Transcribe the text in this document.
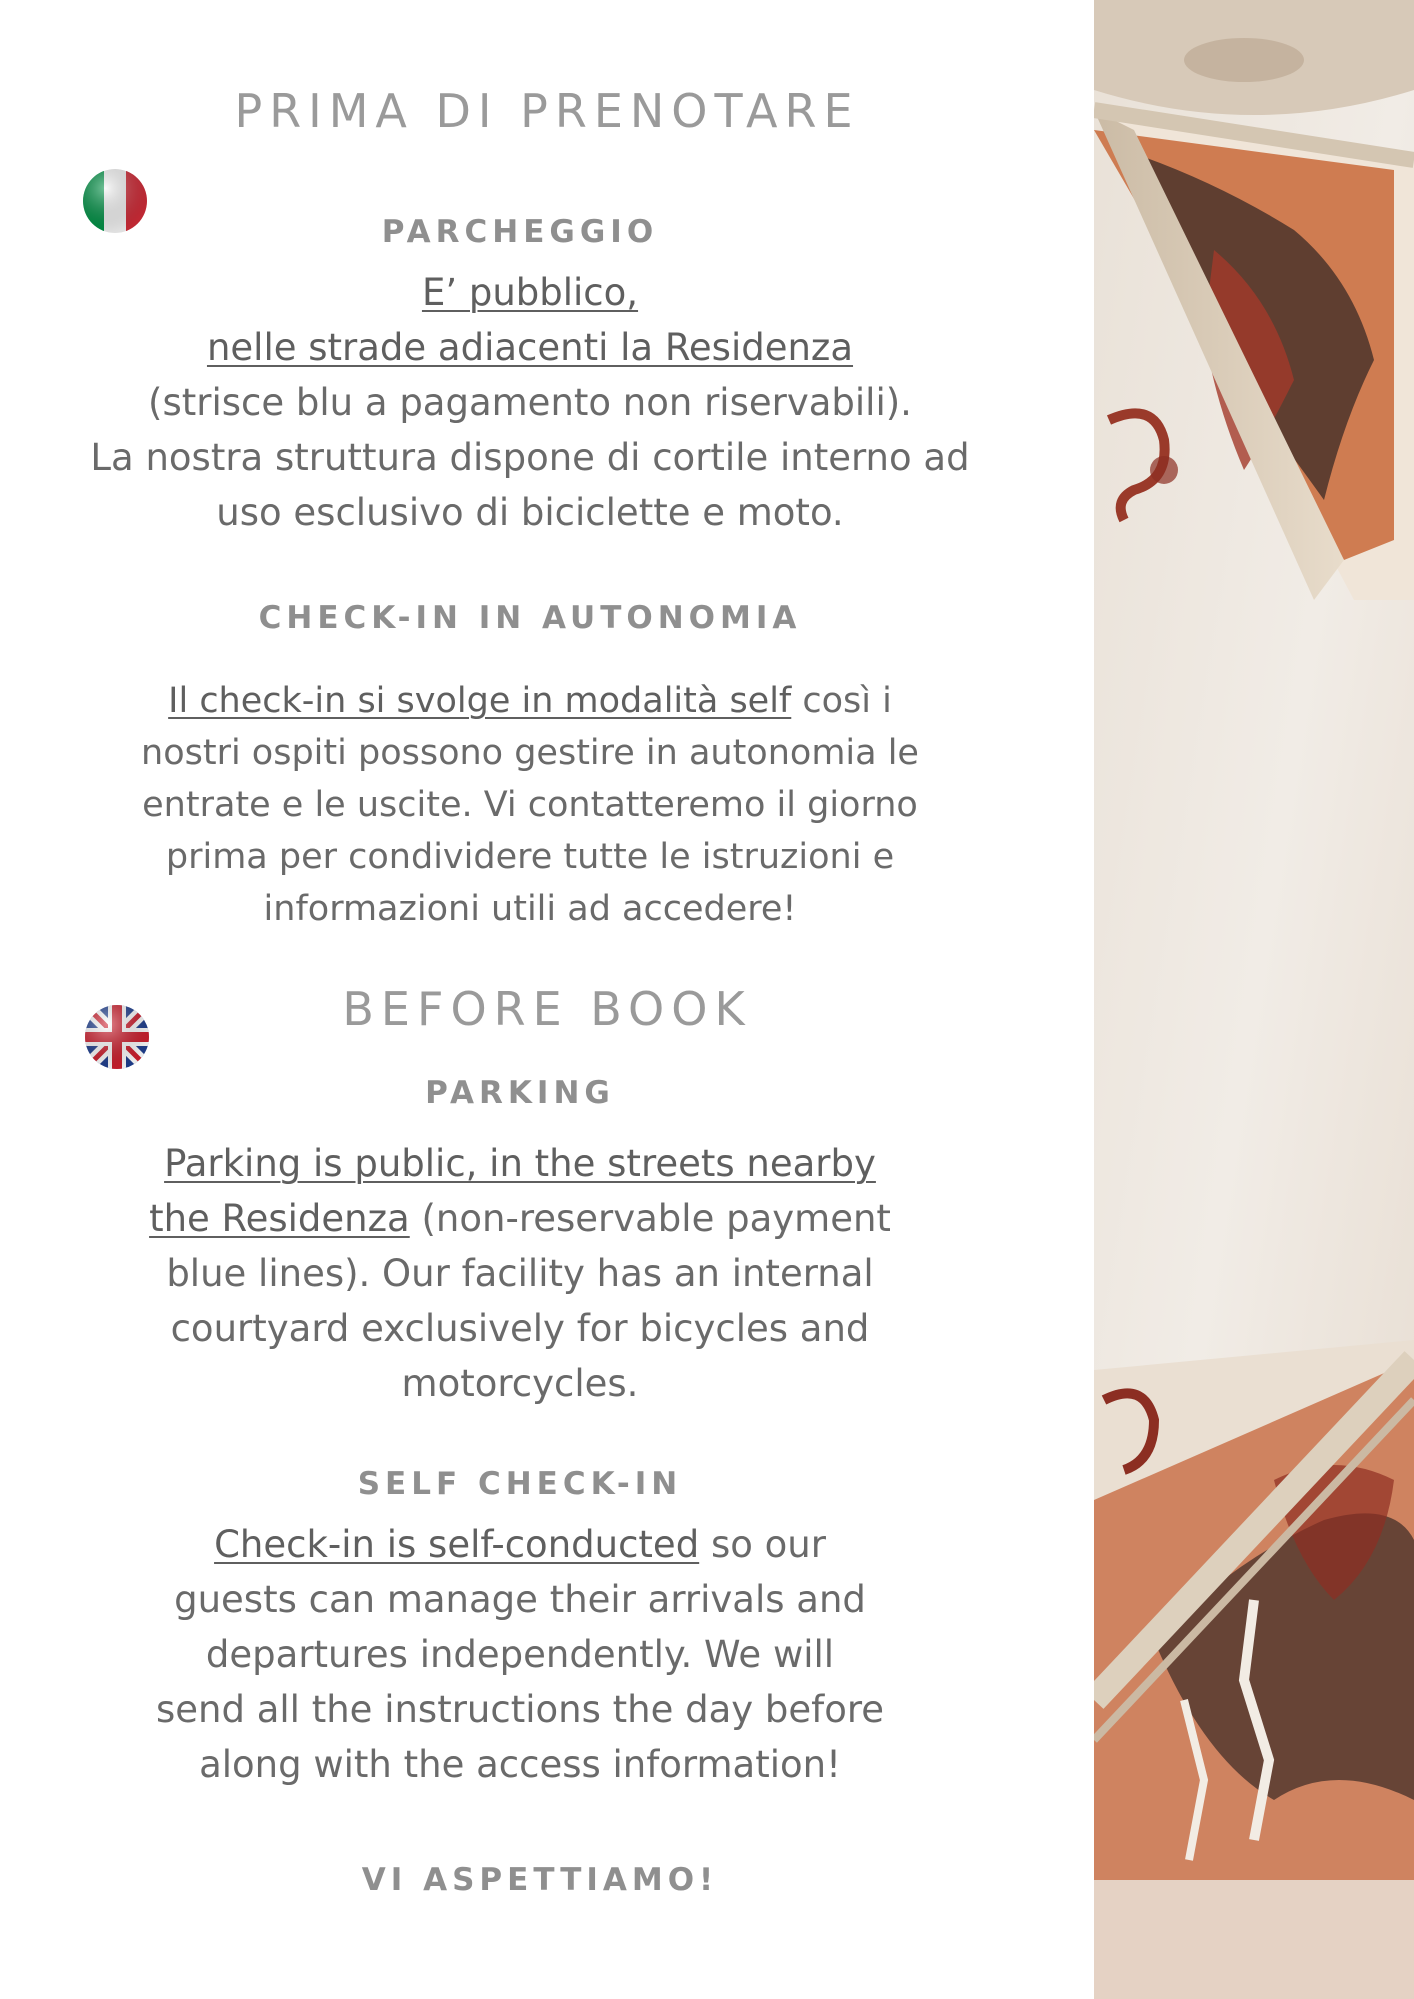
PRIMA DI PRENOTARE
PARCHEGGIO
E’ pubblico,
nelle strade adiacenti la Residenza
(strisce blu a pagamento non riservabili).
La nostra struttura dispone di cortile interno ad
uso esclusivo di biciclette e moto.
CHECK-IN IN AUTONOMIA
Il check-in si svolge in modalità self così i
nostri ospiti possono gestire in autonomia le
entrate e le uscite. Vi contatteremo il giorno
prima per condividere tutte le istruzioni e
informazioni utili ad accedere!
BEFORE BOOK
PARKING
Parking is public, in the streets nearby
the Residenza (non-reservable payment
blue lines). Our facility has an internal
courtyard exclusively for bicycles and
motorcycles.
SELF CHECK-IN
Check-in is self-conducted so our
guests can manage their arrivals and
departures independently. We will
send all the instructions the day before
along with the access information!
VI ASPETTIAMO!
